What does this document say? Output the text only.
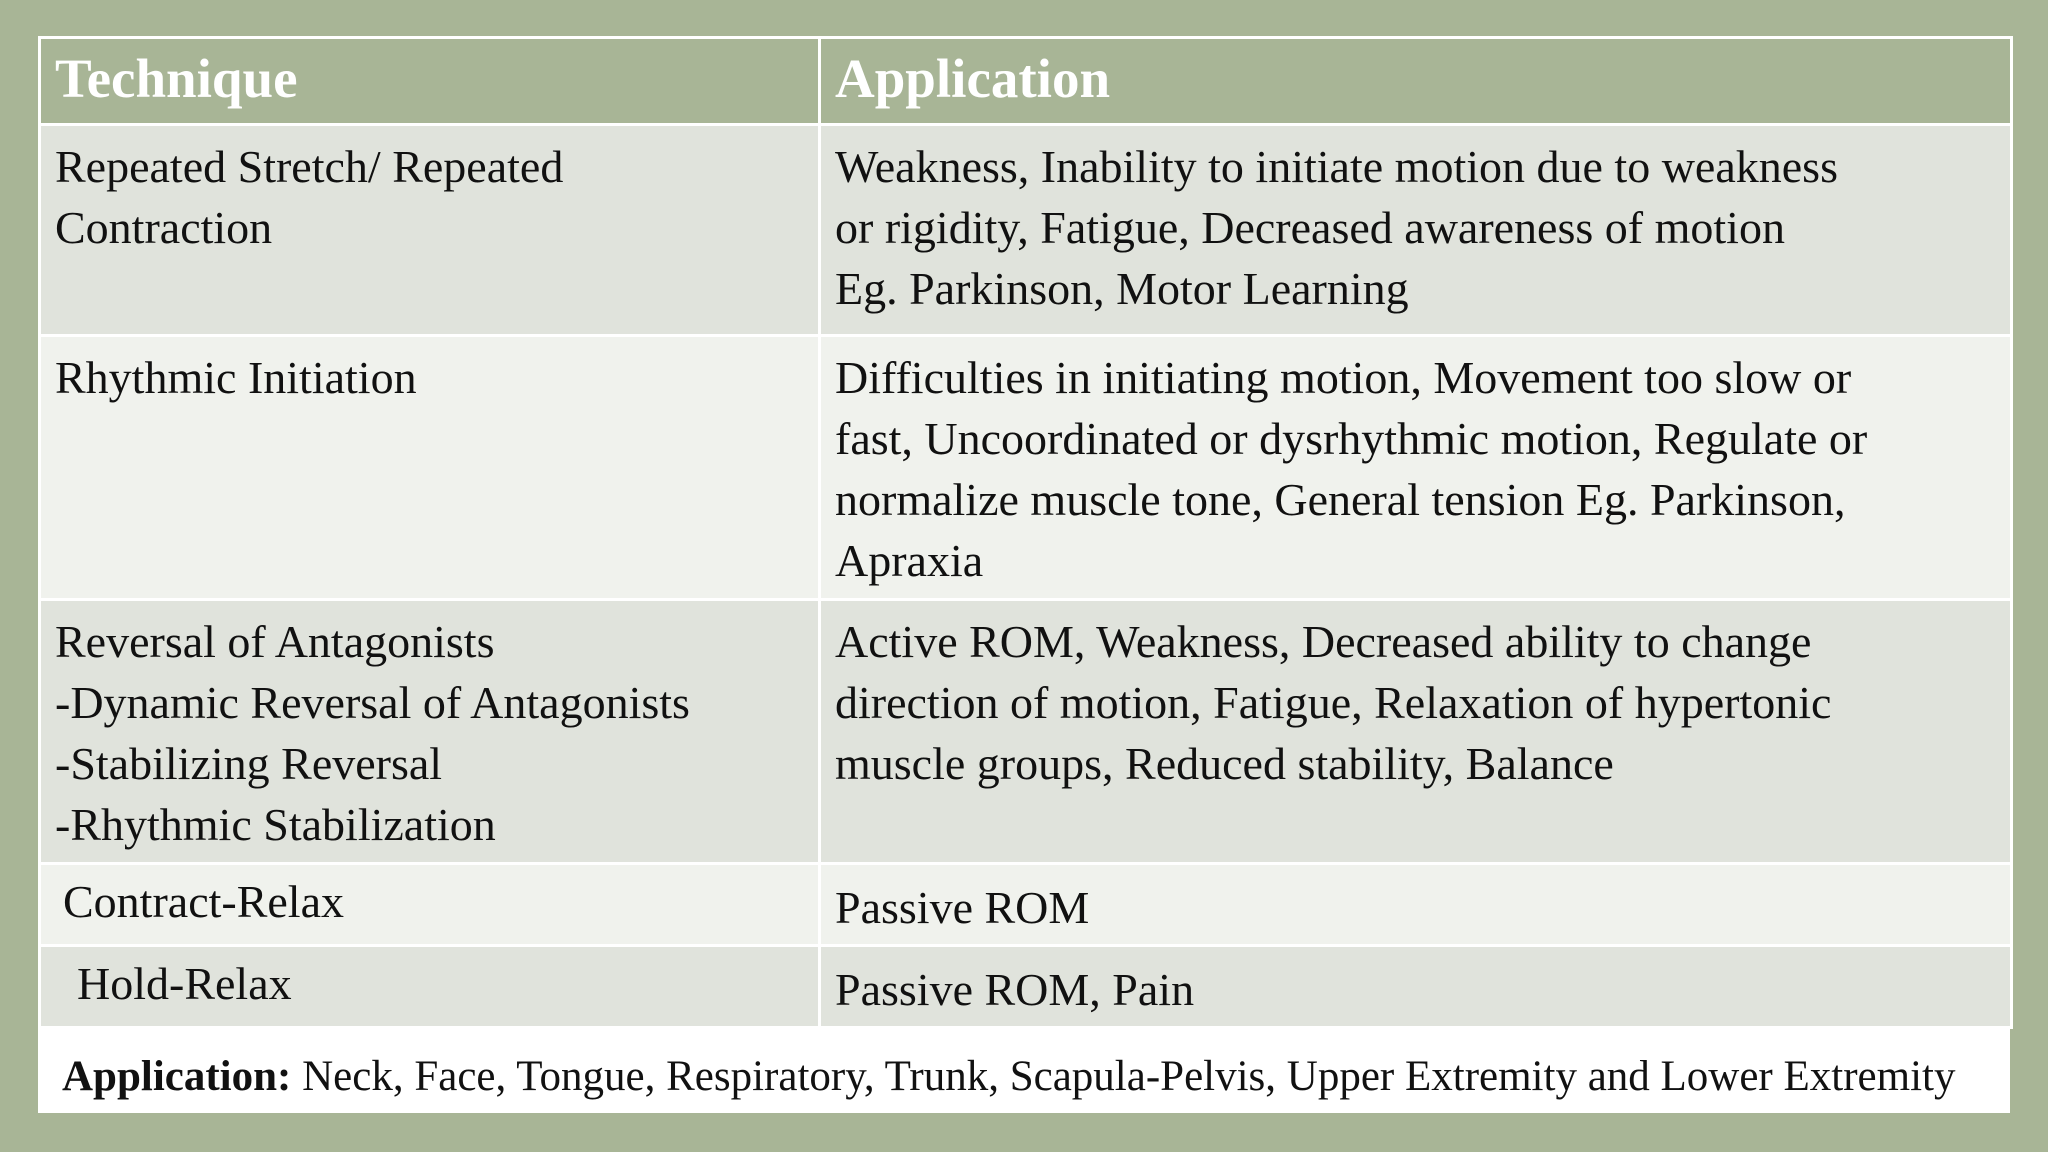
Technique	Application

Repeated Stretch/ Repeated
Contraction	Weakness, Inability to initiate motion due to weakness
or rigidity, Fatigue, Decreased awareness of motion
Eg. Parkinson, Motor Learning

Rhythmic Initiation	Difficulties in initiating motion, Movement too slow or
fast, Uncoordinated or dysrhythmic motion, Regulate or
normalize muscle tone, General tension Eg. Parkinson,
Apraxia

Reversal of Antagonists
-Dynamic Reversal of Antagonists
-Stabilizing Reversal
-Rhythmic Stabilization	Active ROM, Weakness, Decreased ability to change
direction of motion, Fatigue, Relaxation of hypertonic
muscle groups, Reduced stability, Balance

Contract-Relax	Passive ROM

Hold-Relax	Passive ROM, Pain
Application: Neck, Face, Tongue, Respiratory, Trunk, Scapula-Pelvis, Upper Extremity and Lower Extremity
